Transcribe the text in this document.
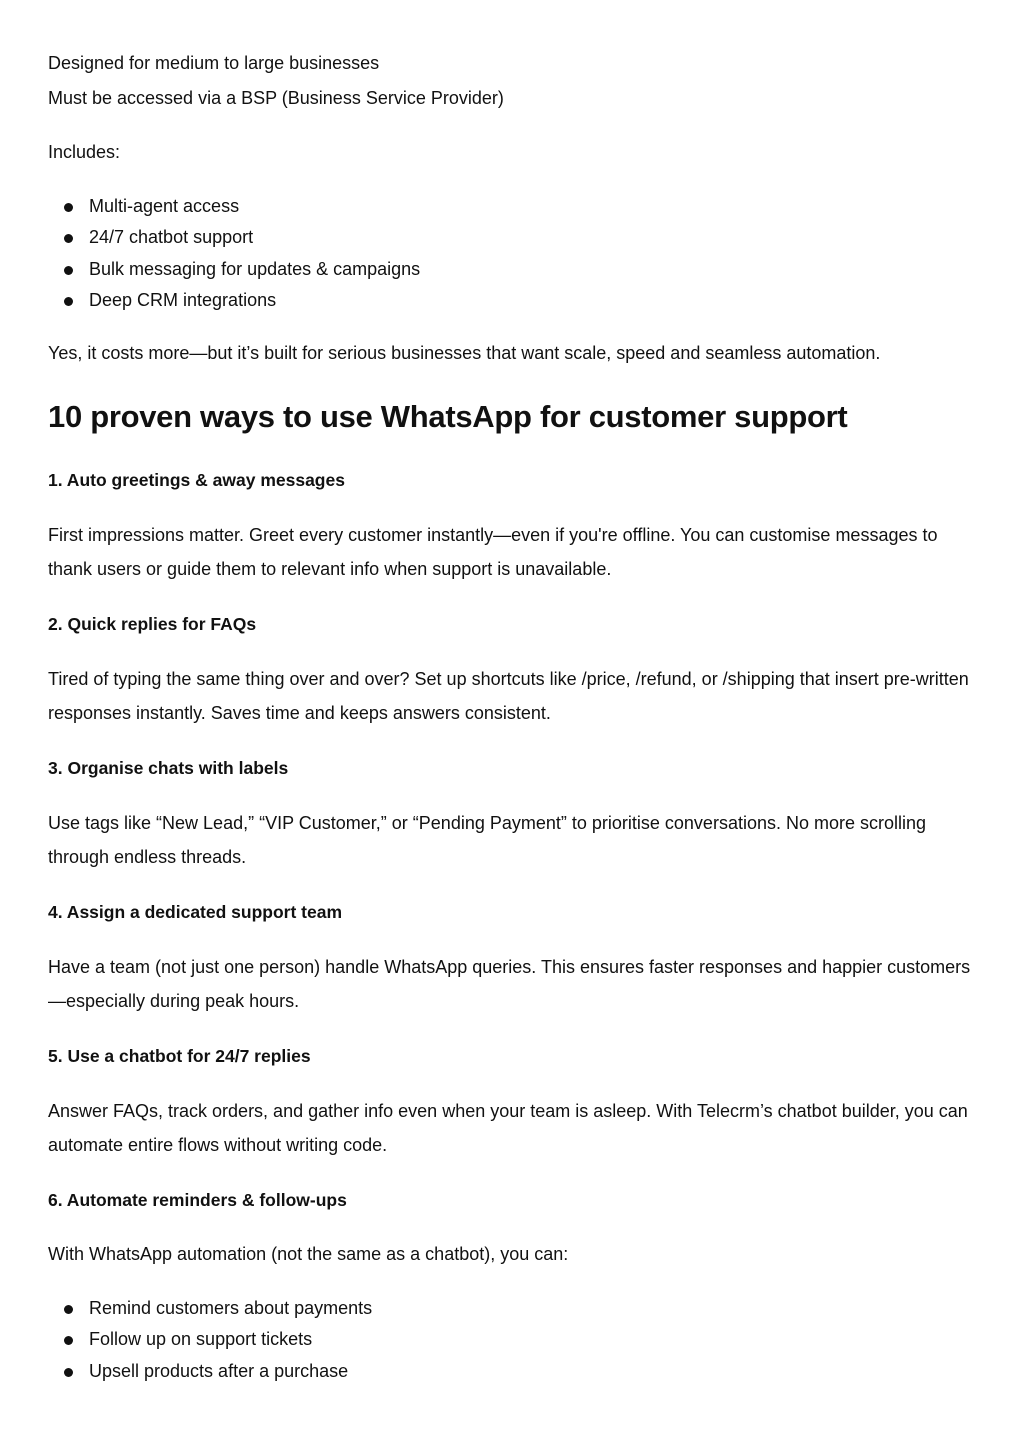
Designed for medium to large businesses
Must be accessed via a BSP (Business Service Provider)
Includes:
Multi-agent access
24/7 chatbot support
Bulk messaging for updates & campaigns
Deep CRM integrations
Yes, it costs more—but it’s built for serious businesses that want scale, speed and seamless automation.
10 proven ways to use WhatsApp for customer support
1. Auto greetings & away messages
First impressions matter. Greet every customer instantly—even if you're offline. You can customise messages to thank users or guide them to relevant info when support is unavailable.
2. Quick replies for FAQs
Tired of typing the same thing over and over? Set up shortcuts like /price, /refund, or /shipping that insert pre-written responses instantly. Saves time and keeps answers consistent.
3. Organise chats with labels
Use tags like “New Lead,” “VIP Customer,” or “Pending Payment” to prioritise conversations. No more scrolling through endless threads.
4. Assign a dedicated support team
Have a team (not just one person) handle WhatsApp queries. This ensures faster responses and happier customers—especially during peak hours.
5. Use a chatbot for 24/7 replies
Answer FAQs, track orders, and gather info even when your team is asleep. With Telecrm’s chatbot builder, you can automate entire flows without writing code.
6. Automate reminders & follow-ups
With WhatsApp automation (not the same as a chatbot), you can:
Remind customers about payments
Follow up on support tickets
Upsell products after a purchase
